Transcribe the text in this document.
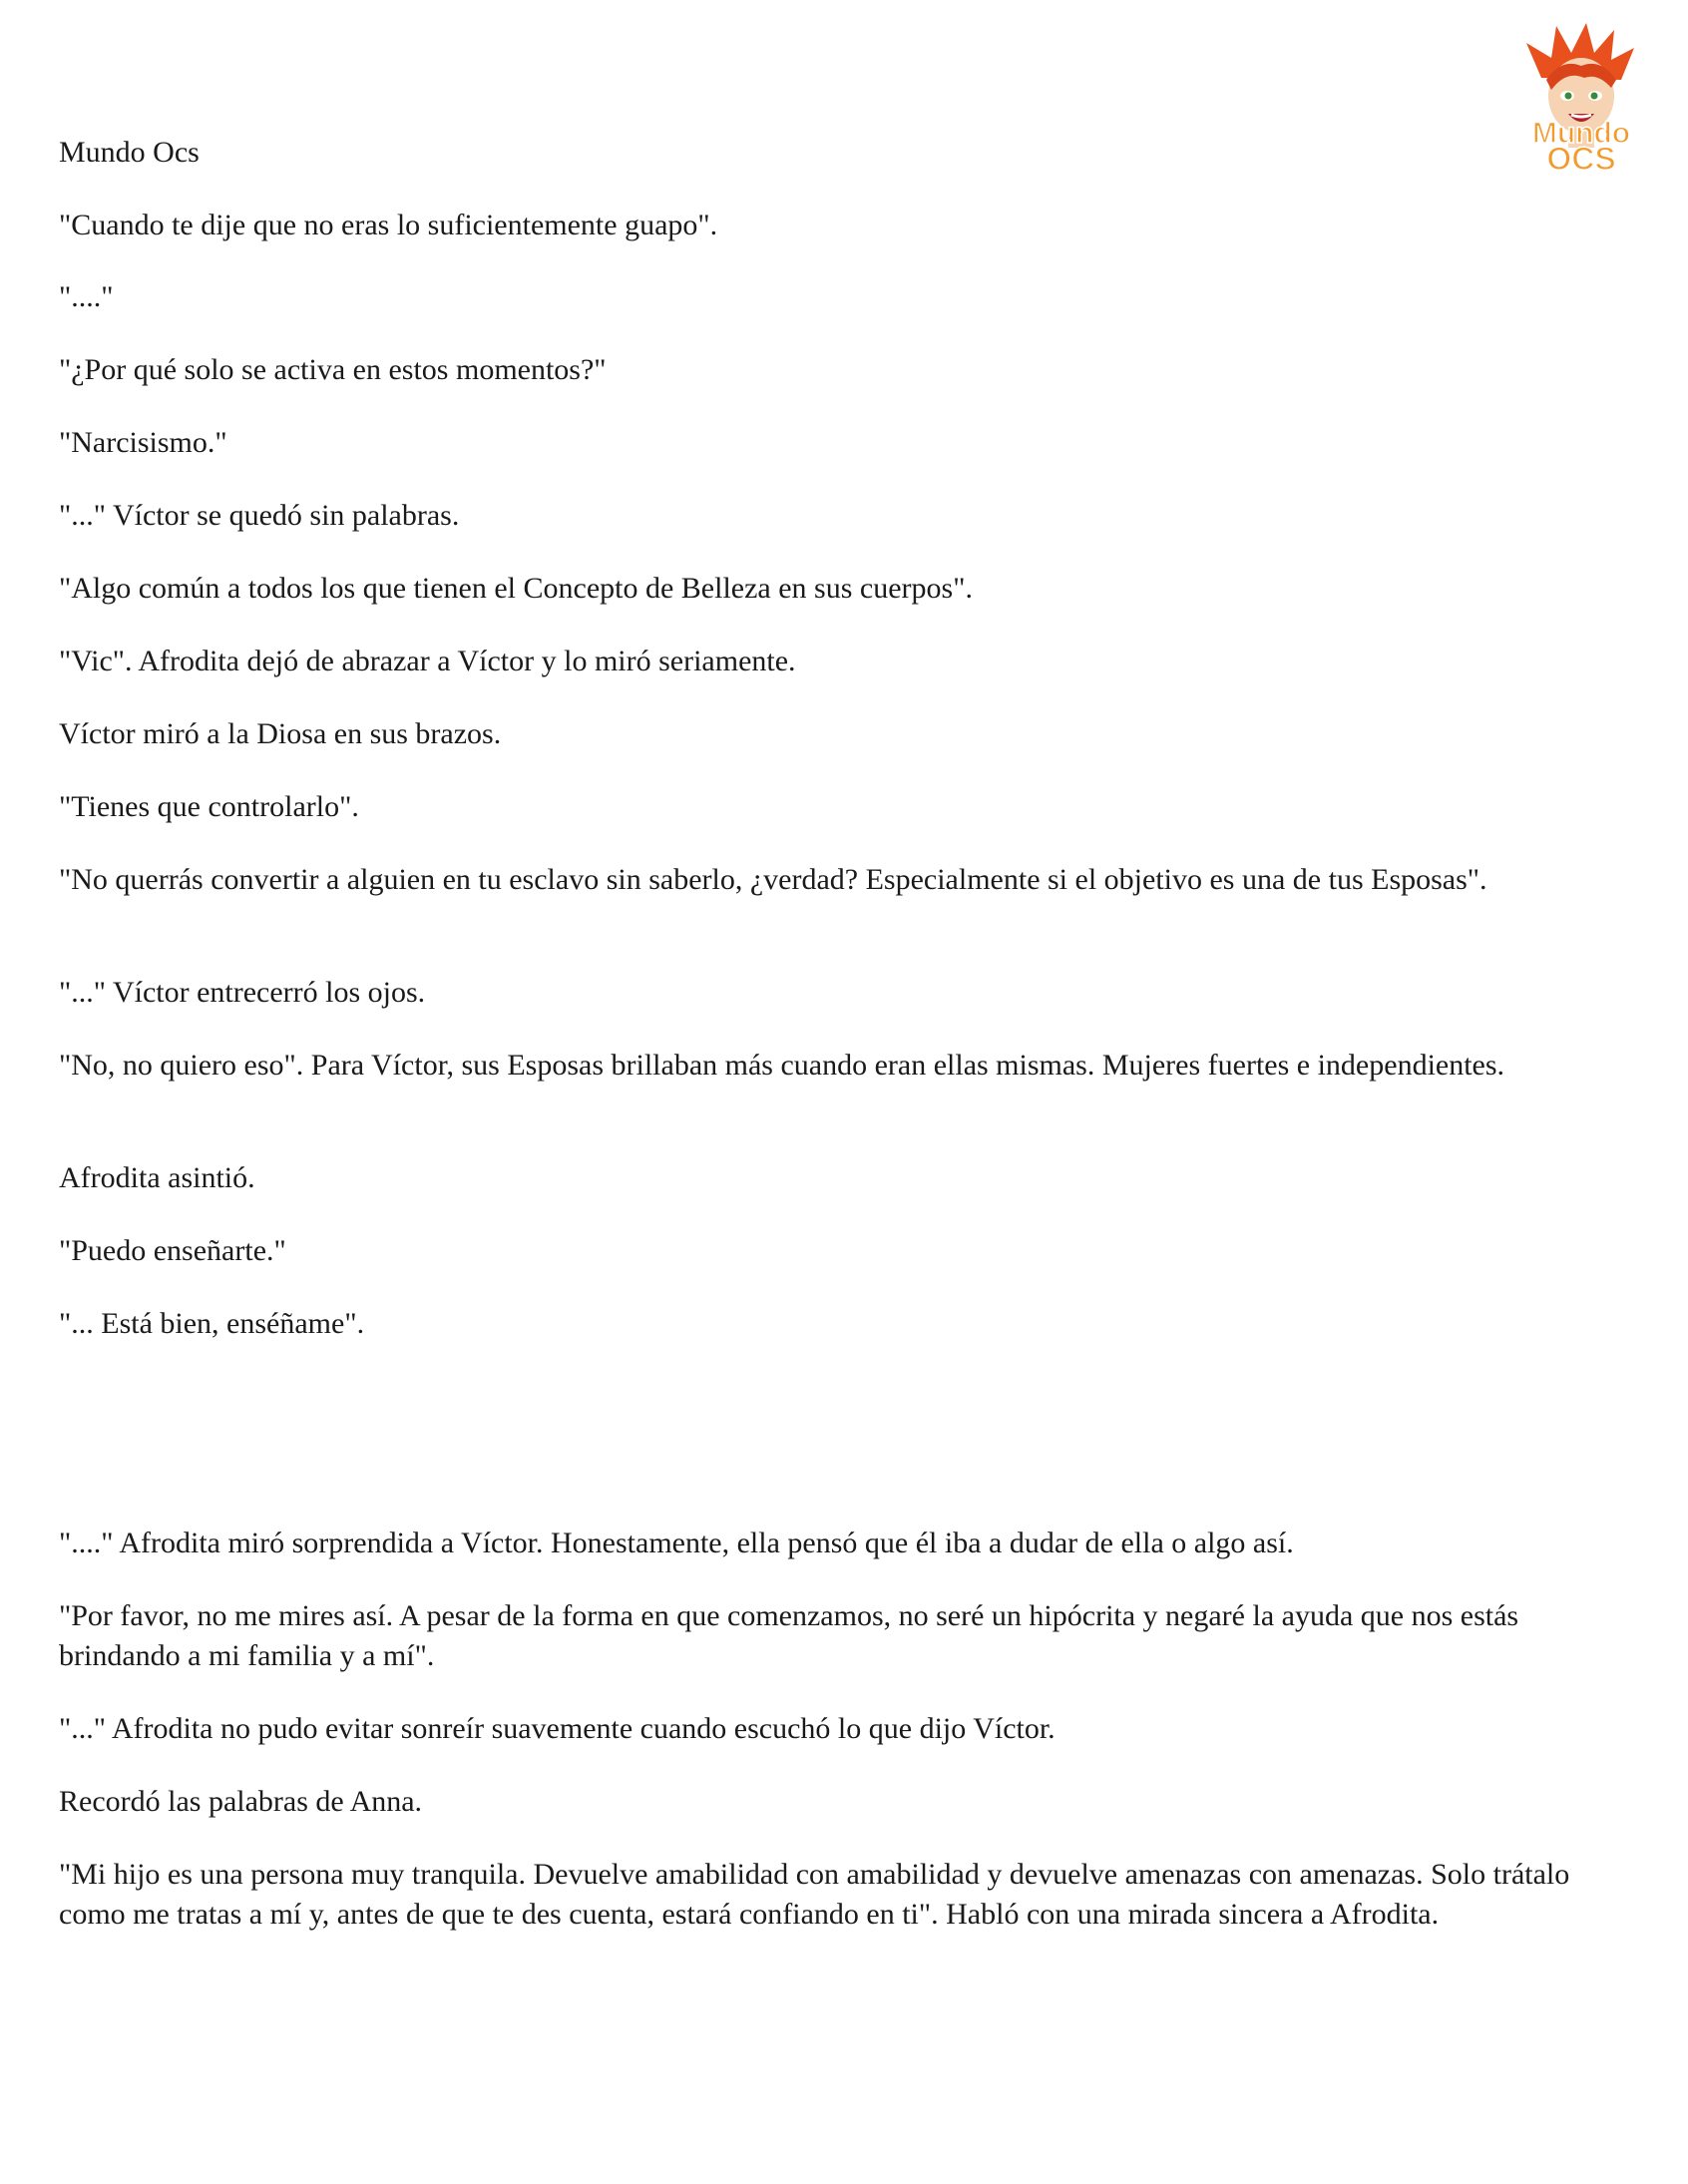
Mundo
OCS

Mundo Ocs

"Cuando te dije que no eras lo suficientemente guapo".

"...."

"¿Por qué solo se activa en estos momentos?"

"Narcisismo."

"..." Víctor se quedó sin palabras.

"Algo común a todos los que tienen el Concepto de Belleza en sus cuerpos".

"Vic". Afrodita dejó de abrazar a Víctor y lo miró seriamente.

Víctor miró a la Diosa en sus brazos.

"Tienes que controlarlo".

"No querrás convertir a alguien en tu esclavo sin saberlo, ¿verdad? Especialmente si el objetivo es una de tus Esposas".

"..." Víctor entrecerró los ojos.

"No, no quiero eso". Para Víctor, sus Esposas brillaban más cuando eran ellas mismas. Mujeres fuertes e independientes.

Afrodita asintió.

"Puedo enseñarte."

"... Está bien, enséñame".

"...." Afrodita miró sorprendida a Víctor. Honestamente, ella pensó que él iba a dudar de ella o algo así.

"Por favor, no me mires así. A pesar de la forma en que comenzamos, no seré un hipócrita y negaré la ayuda que nos estás brindando a mi familia y a mí".

"..." Afrodita no pudo evitar sonreír suavemente cuando escuchó lo que dijo Víctor.

Recordó las palabras de Anna.

"Mi hijo es una persona muy tranquila. Devuelve amabilidad con amabilidad y devuelve amenazas con amenazas. Solo trátalo como me tratas a mí y, antes de que te des cuenta, estará confiando en ti". Habló con una mirada sincera a Afrodita.
